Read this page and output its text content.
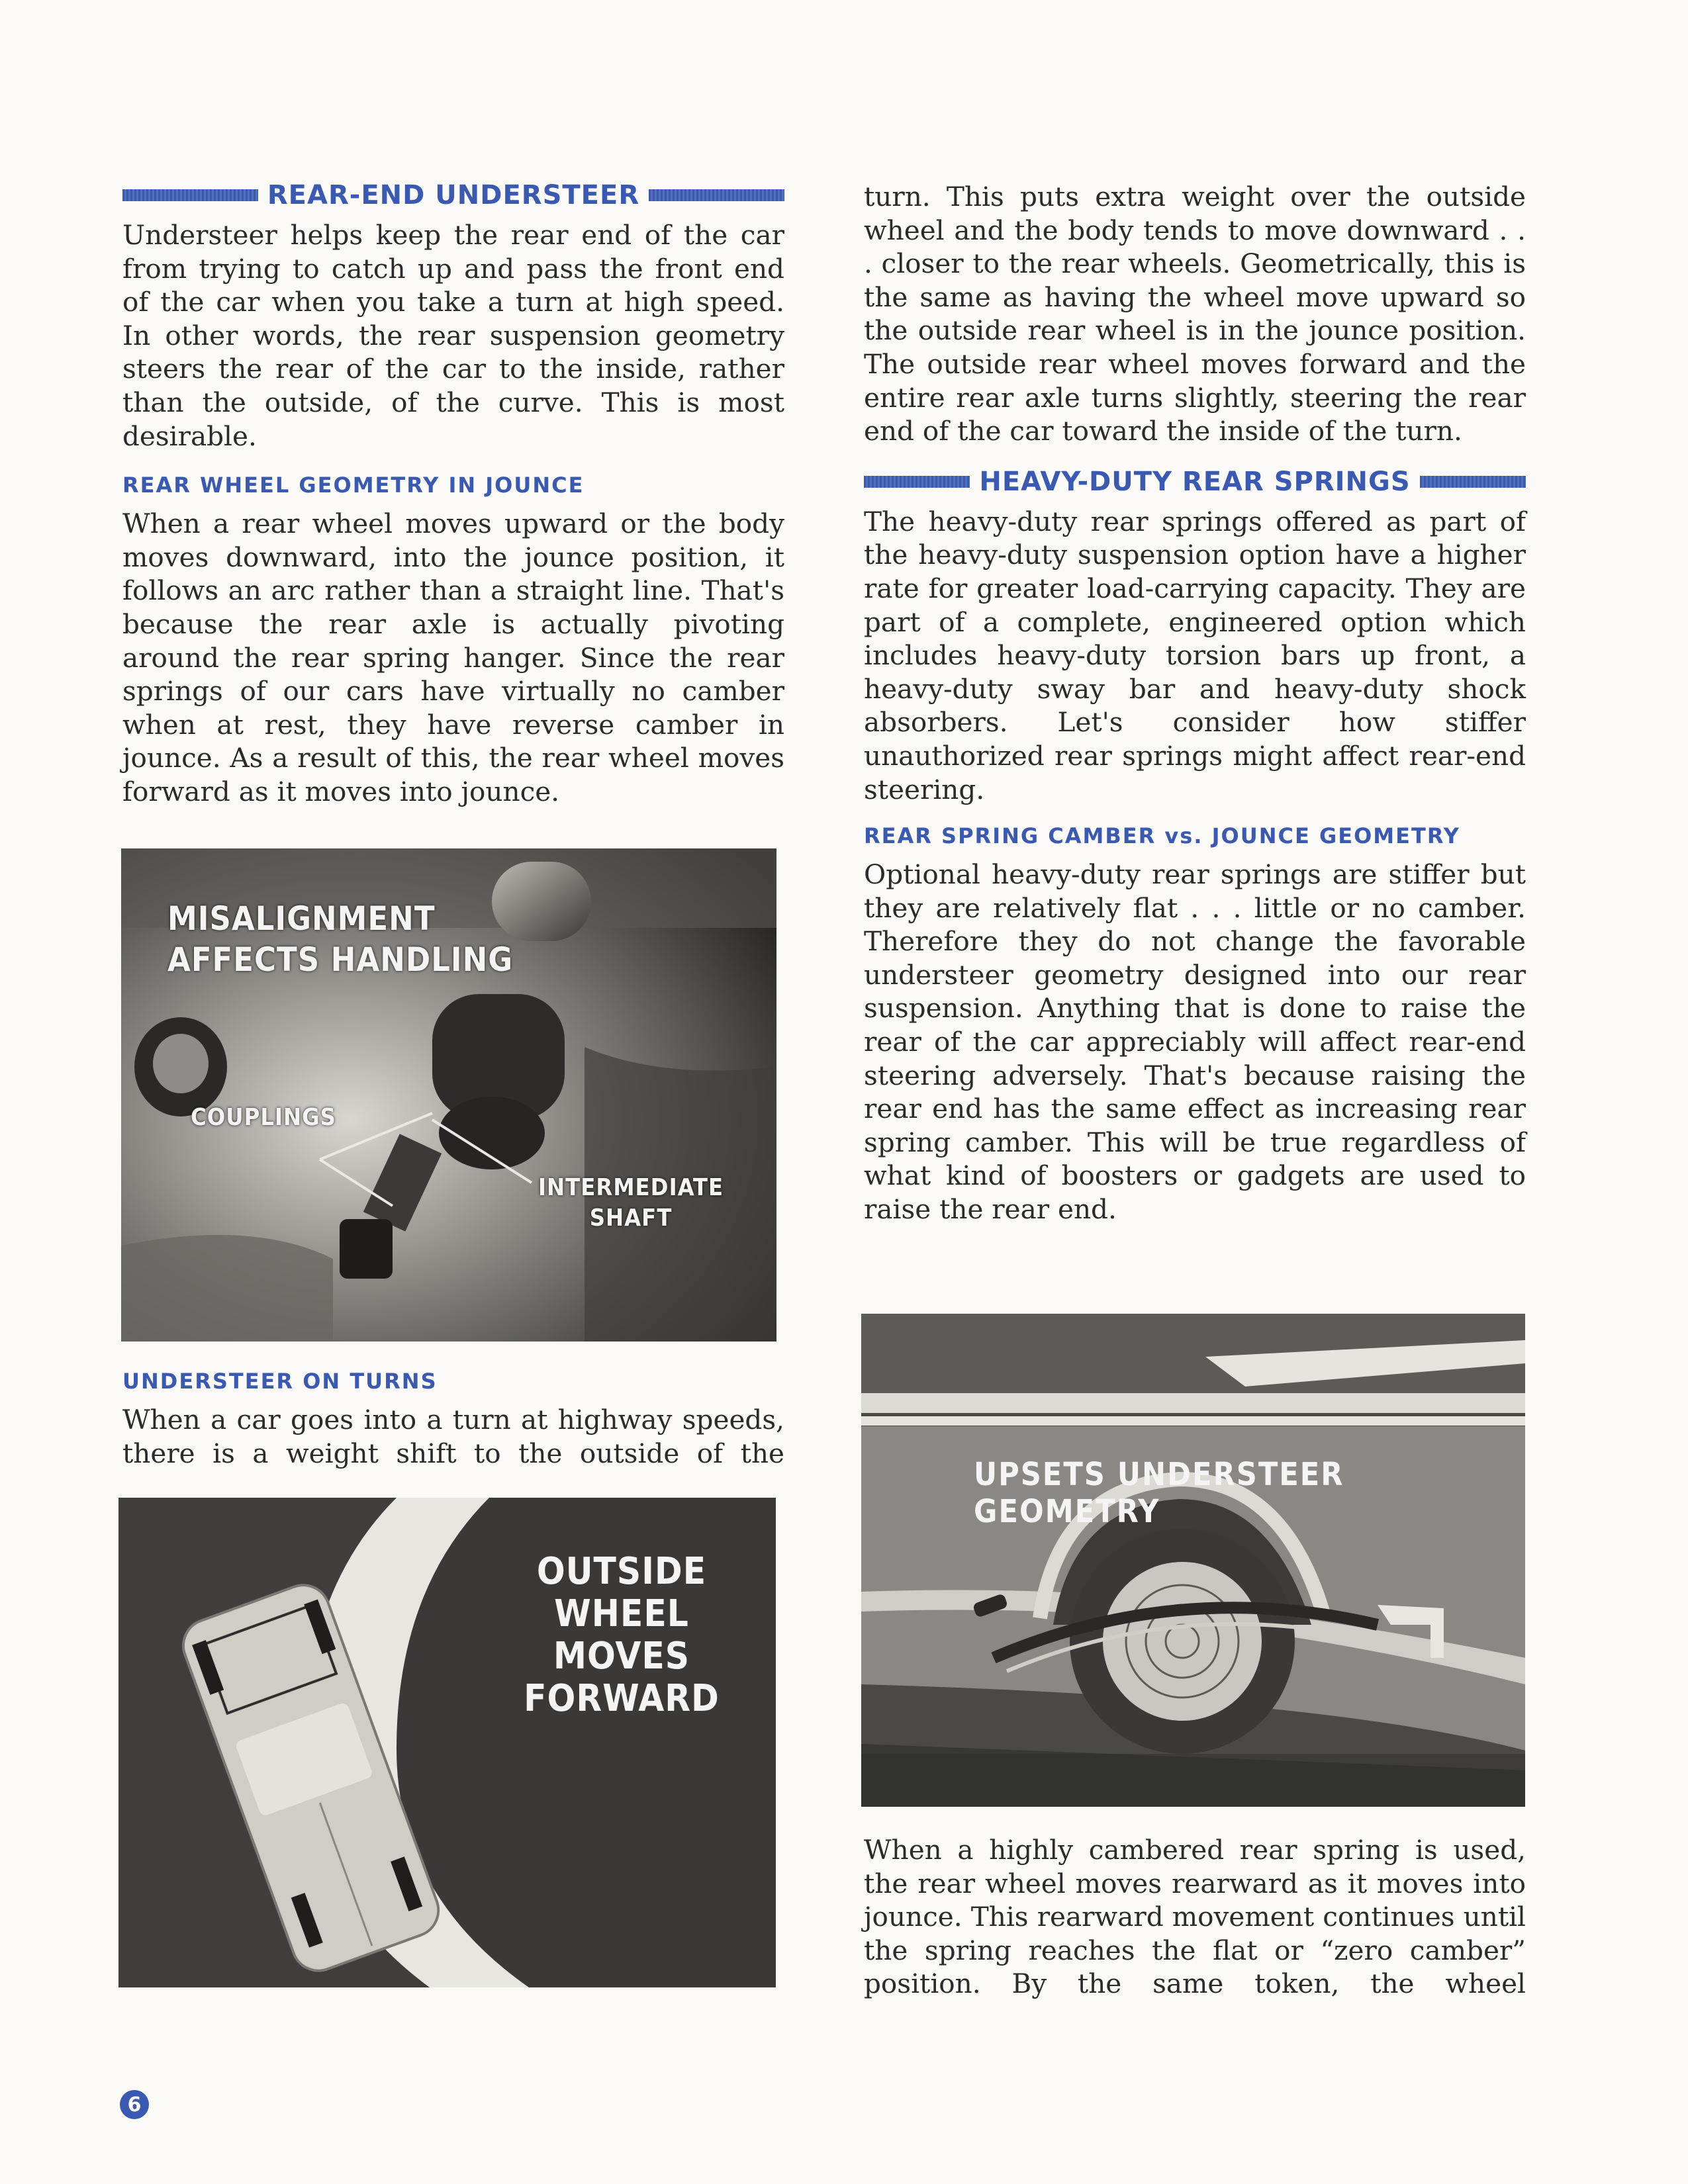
REAR-END UNDERSTEER

Understeer helps keep the rear end of the car from trying to catch up and pass the front end of the car when you take a turn at high speed. In other words, the rear suspension geometry steers the rear of the car to the inside, rather than the outside, of the curve. This is most desirable.

REAR WHEEL GEOMETRY IN JOUNCE

When a rear wheel moves upward or the body moves downward, into the jounce position, it follows an arc rather than a straight line. That's because the rear axle is actually pivoting around the rear spring hanger. Since the rear springs of our cars have virtually no camber when at rest, they have reverse camber in jounce. As a result of this, the rear wheel moves forward as it moves into jounce.

MISALIGNMENT
AFFECTS HANDLING
COUPLINGS
INTERMEDIATE
SHAFT
UNDERSTEER ON TURNS

When a car goes into a turn at highway speeds, there is a weight shift to the outside of the

OUTSIDE
WHEEL
MOVES
FORWARD

turn. This puts extra weight over the outside wheel and the body tends to move downward . . . closer to the rear wheels. Geometrically, this is the same as having the wheel move upward so the outside rear wheel is in the jounce position. The outside rear wheel moves forward and the entire rear axle turns slightly, steering the rear end of the car toward the inside of the turn.

HEAVY-DUTY REAR SPRINGS

The heavy-duty rear springs offered as part of the heavy-duty suspension option have a higher rate for greater load-carrying capacity. They are part of a complete, engineered option which includes heavy-duty torsion bars up front, a heavy-duty sway bar and heavy-duty shock absorbers. Let's consider how stiffer unauthorized rear springs might affect rear-end steering.

REAR SPRING CAMBER vs. JOUNCE GEOMETRY

Optional heavy-duty rear springs are stiffer but they are relatively flat . . . little or no camber. Therefore they do not change the favorable understeer geometry designed into our rear suspension. Anything that is done to raise the rear of the car appreciably will affect rear-end steering adversely. That's because raising the rear end has the same effect as increasing rear spring camber. This will be true regardless of what kind of boosters or gadgets are used to raise the rear end.

UPSETS UNDERSTEER GEOMETRY

When a highly cambered rear spring is used, the rear wheel moves rearward as it moves into jounce. This rearward movement continues until the spring reaches the flat or “zero camber” position. By the same token, the wheel

6
